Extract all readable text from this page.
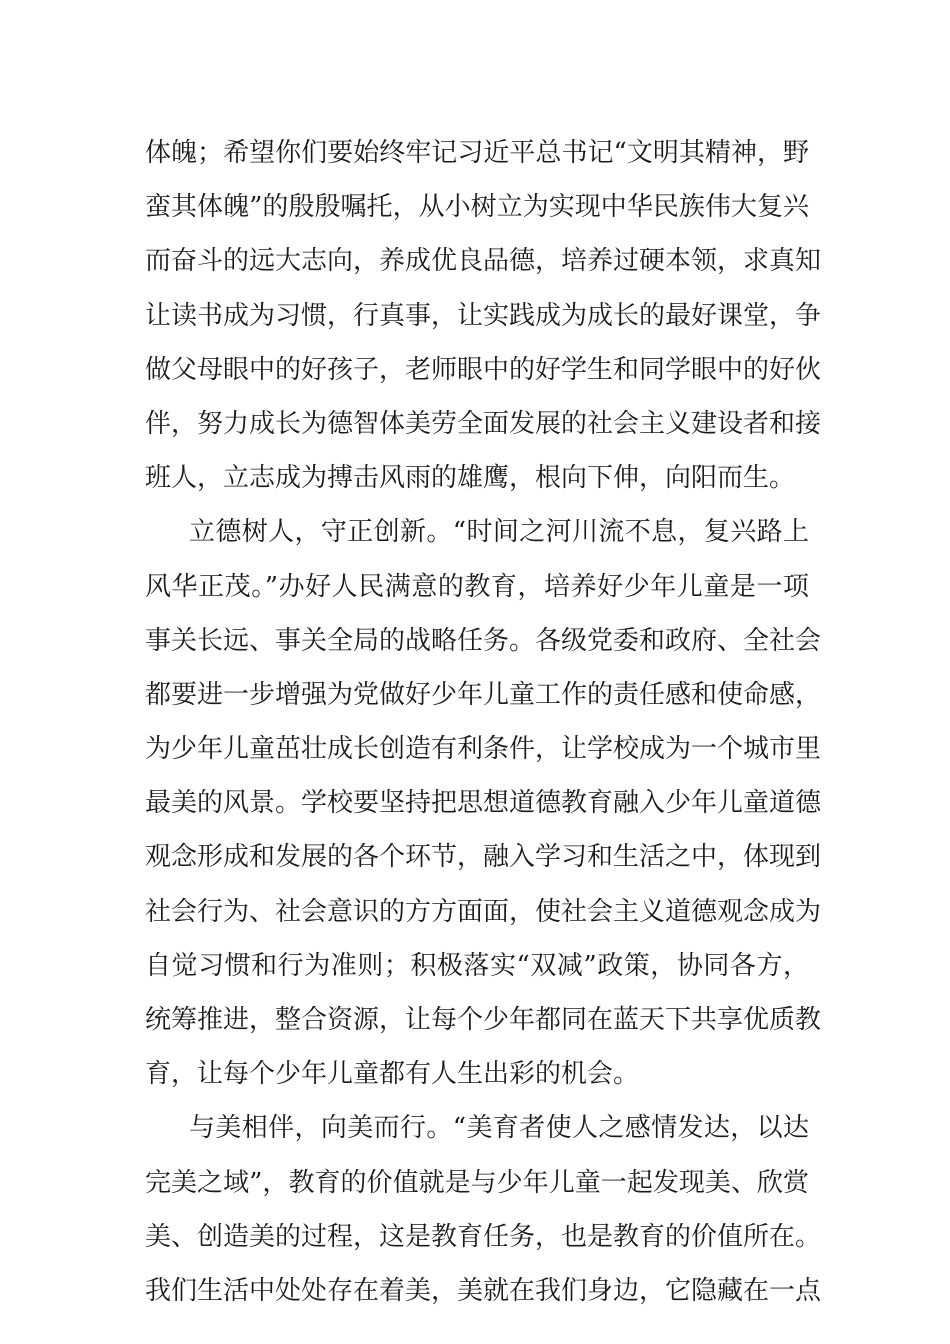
体魄；希望你们要始终牢记习近平总书记“文明其精神，野
蛮其体魄”的殷殷嘱托，从小树立为实现中华民族伟大复兴
而奋斗的远大志向，养成优良品德，培养过硬本领，求真知
让读书成为习惯，行真事，让实践成为成长的最好课堂，争
做父母眼中的好孩子，老师眼中的好学生和同学眼中的好伙
伴，努力成长为德智体美劳全面发展的社会主义建设者和接
班人，立志成为搏击风雨的雄鹰，根向下伸，向阳而生。
立德树人，守正创新。“时间之河川流不息，复兴路上
风华正茂。”办好人民满意的教育，培养好少年儿童是一项
事关长远、事关全局的战略任务。各级党委和政府、全社会
都要进一步增强为党做好少年儿童工作的责任感和使命感，
为少年儿童茁壮成长创造有利条件，让学校成为一个城市里
最美的风景。学校要坚持把思想道德教育融入少年儿童道德
观念形成和发展的各个环节，融入学习和生活之中，体现到
社会行为、社会意识的方方面面，使社会主义道德观念成为
自觉习惯和行为准则；积极落实“双减”政策，协同各方，
统筹推进，整合资源，让每个少年都同在蓝天下共享优质教
育，让每个少年儿童都有人生出彩的机会。
与美相伴，向美而行。“美育者使人之感情发达，以达
完美之域”，教育的价值就是与少年儿童一起发现美、欣赏
美、创造美的过程，这是教育任务，也是教育的价值所在。
我们生活中处处存在着美，美就在我们身边，它隐藏在一点
